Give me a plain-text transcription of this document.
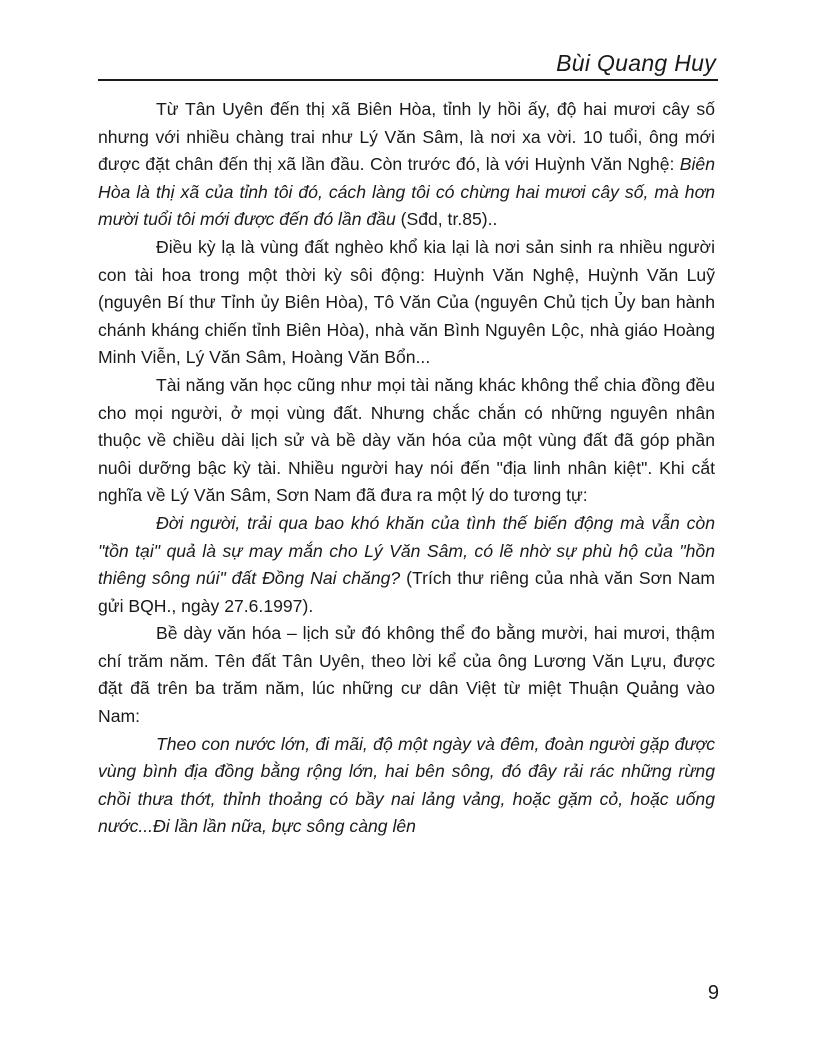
Bùi Quang Huy

Từ Tân Uyên đến thị xã Biên Hòa, tỉnh ly hồi ấy, độ hai mươi cây số nhưng với nhiều chàng trai như Lý Văn Sâm, là nơi xa vời. 10 tuổi, ông mới được đặt chân đến thị xã lần đầu. Còn trước đó, là với Huỳnh Văn Nghệ: Biên Hòa là thị xã của tỉnh tôi đó, cách làng tôi có chừng hai mươi cây số, mà hơn mười tuổi tôi mới được đến đó lần đầu (Sđd, tr.85)..

Điều kỳ lạ là vùng đất nghèo khổ kia lại là nơi sản sinh ra nhiều người con tài hoa trong một thời kỳ sôi động: Huỳnh Văn Nghệ, Huỳnh Văn Luỹ (nguyên Bí thư Tỉnh ủy Biên Hòa), Tô Văn Của (nguyên Chủ tịch Ủy ban hành chánh kháng chiến tỉnh Biên Hòa), nhà văn Bình Nguyên Lộc, nhà giáo Hoàng Minh Viễn, Lý Văn Sâm, Hoàng Văn Bổn...

Tài năng văn học cũng như mọi tài năng khác không thể chia đồng đều cho mọi người, ở mọi vùng đất. Nhưng chắc chắn có những nguyên nhân thuộc về chiều dài lịch sử và bề dày văn hóa của một vùng đất đã góp phần nuôi dưỡng bậc kỳ tài. Nhiều người hay nói đến "địa linh nhân kiệt". Khi cắt nghĩa về Lý Văn Sâm, Sơn Nam đã đưa ra một lý do tương tự:

Đời người, trải qua bao khó khăn của tình thế biến động mà vẫn còn "tồn tại" quả là sự may mắn cho Lý Văn Sâm, có lẽ nhờ sự phù hộ của "hồn thiêng sông núi" đất Đồng Nai chăng? (Trích thư riêng của nhà văn Sơn Nam gửi BQH., ngày 27.6.1997).

Bề dày văn hóa – lịch sử đó không thể đo bằng mười, hai mươi, thậm chí trăm năm. Tên đất Tân Uyên, theo lời kể của ông Lương Văn Lựu, được đặt đã trên ba trăm năm, lúc những cư dân Việt từ miệt Thuận Quảng vào Nam:

Theo con nước lớn, đi mãi, độ một ngày và đêm, đoàn người gặp được vùng bình địa đồng bằng rộng lớn, hai bên sông, đó đây rải rác những rừng chồi thưa thớt, thỉnh thoảng có bầy nai lảng vảng, hoặc gặm cỏ, hoặc uống nước...Đi lần lần nữa, bực sông càng lên

9
